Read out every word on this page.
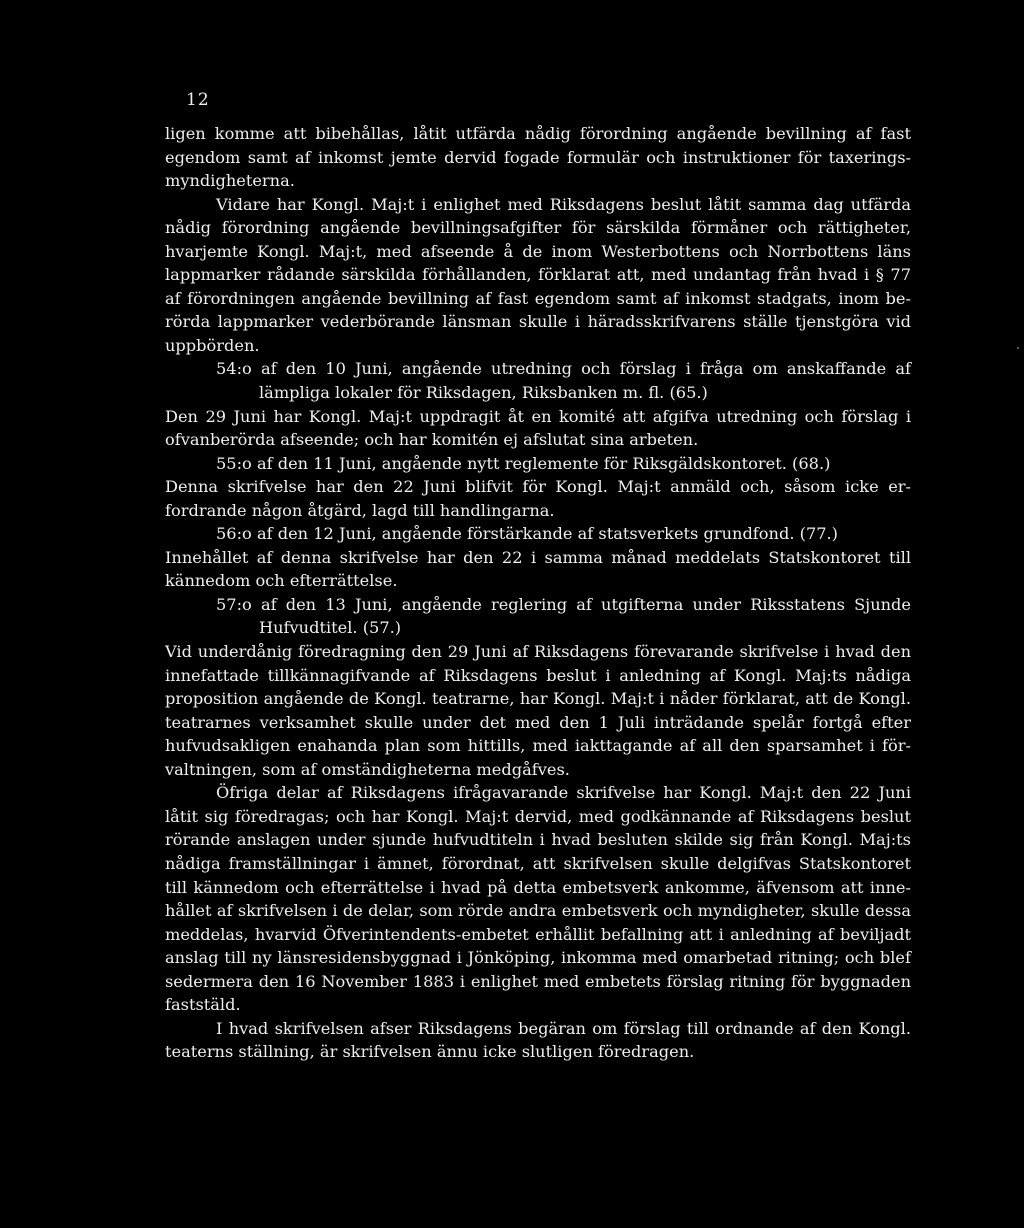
12

ligen komme att bibehållas, låtit utfärda nådig förordning angående bevillning af fast egendom samt af inkomst jemte dervid fogade formulär och instruktioner för taxeringsmyndigheterna.

Vidare har Kongl. Maj:t i enlighet med Riksdagens beslut låtit samma dag utfärda nådig förordning angående bevillningsafgifter för särskilda förmåner och rättigheter, hvarjemte Kongl. Maj:t, med afseende å de inom Westerbottens och Norrbottens läns lappmarker rådande särskilda förhållanden, förklarat att, med undantag från hvad i § 77 af förordningen angående bevillning af fast egendom samt af inkomst stadgats, inom berörda lappmarker vederbörande länsman skulle i häradsskrifvarens ställe tjenstgöra vid uppbörden.

54:o af den 10 Juni, angående utredning och förslag i fråga om anskaffande af lämpliga lokaler för Riksdagen, Riksbanken m. fl. (65.)

Den 29 Juni har Kongl. Maj:t uppdragit åt en komité att afgifva utredning och förslag i ofvanberörda afseende; och har komitén ej afslutat sina arbeten.

55:o af den 11 Juni, angående nytt reglemente för Riksgäldskontoret. (68.)

Denna skrifvelse har den 22 Juni blifvit för Kongl. Maj:t anmäld och, såsom icke erfordrande någon åtgärd, lagd till handlingarna.

56:o af den 12 Juni, angående förstärkande af statsverkets grundfond. (77.)

Innehållet af denna skrifvelse har den 22 i samma månad meddelats Statskontoret till kännedom och efterrättelse.

57:o af den 13 Juni, angående reglering af utgifterna under Riksstatens Sjunde Hufvudtitel. (57.)

Vid underdånig föredragning den 29 Juni af Riksdagens förevarande skrifvelse i hvad den innefattade tillkännagifvande af Riksdagens beslut i anledning af Kongl. Maj:ts nådiga proposition angående de Kongl. teatrarne, har Kongl. Maj:t i nåder förklarat, att de Kongl. teatrarnes verksamhet skulle under det med den 1 Juli inträdande spelår fortgå efter hufvudsakligen enahanda plan som hittills, med iakttagande af all den sparsamhet i förvaltningen, som af omständigheterna medgåfves.

Öfriga delar af Riksdagens ifrågavarande skrifvelse har Kongl. Maj:t den 22 Juni låtit sig föredragas; och har Kongl. Maj:t dervid, med godkännande af Riksdagens beslut rörande anslagen under sjunde hufvudtiteln i hvad besluten skilde sig från Kongl. Maj:ts nådiga framställningar i ämnet, förordnat, att skrifvelsen skulle delgifvas Statskontoret till kännedom och efterrättelse i hvad på detta embetsverk ankomme, äfvensom att innehållet af skrifvelsen i de delar, som rörde andra embetsverk och myndigheter, skulle dessa meddelas, hvarvid Öfverintendents-embetet erhållit befallning att i anledning af beviljadt anslag till ny länsresidensbyggnad i Jönköping, inkomma med omarbetad ritning; och blef sedermera den 16 November 1883 i enlighet med embetets förslag ritning för byggnaden faststäld.

I hvad skrifvelsen afser Riksdagens begäran om förslag till ordnande af den Kongl. teaterns ställning, är skrifvelsen ännu icke slutligen föredragen.
